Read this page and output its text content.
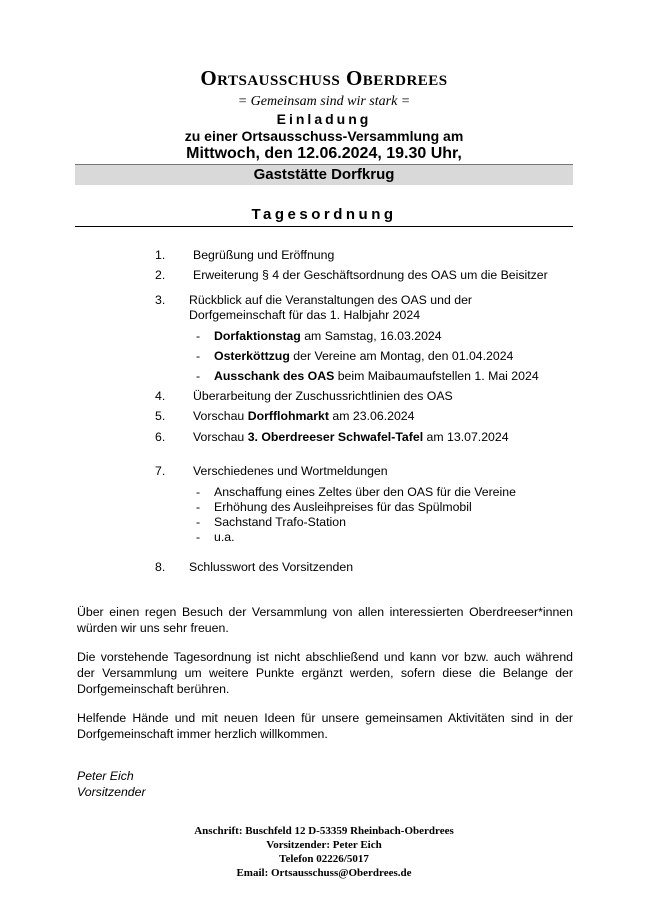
Ortsausschuss Oberdrees
= Gemeinsam sind wir stark =
Einladung
zu einer Ortsausschuss-Versammlung am
Mittwoch, den 12.06.2024, 19.30 Uhr,
Gaststätte Dorfkrug
Tagesordnung
1. Begrüßung und Eröffnung
2. Erweiterung § 4 der Geschäftsordnung des OAS um die Beisitzer
3. Rückblick auf die Veranstaltungen des OAS und der
Dorfgemeinschaft für das 1. Halbjahr 2024
- Dorfaktionstag am Samstag, 16.03.2024
- Osterköttzug der Vereine am Montag, den 01.04.2024
- Ausschank des OAS beim Maibaumaufstellen 1. Mai 2024
4. Überarbeitung der Zuschussrichtlinien des OAS
5. Vorschau Dorfflohmarkt am 23.06.2024
6. Vorschau 3. Oberdreeser Schwafel-Tafel am 13.07.2024
7. Verschiedenes und Wortmeldungen
- Anschaffung eines Zeltes über den OAS für die Vereine
- Erhöhung des Ausleihpreises für das Spülmobil
- Sachstand Trafo-Station
- u.a.
8. Schlusswort des Vorsitzenden
Über einen regen Besuch der Versammlung von allen interessierten Oberdreeser*innen würden wir uns sehr freuen.
Die vorstehende Tagesordnung ist nicht abschließend und kann vor bzw. auch während der Versammlung um weitere Punkte ergänzt werden, sofern diese die Belange der Dorfgemeinschaft berühren.
Helfende Hände und mit neuen Ideen für unsere gemeinsamen Aktivitäten sind in der Dorfgemeinschaft immer herzlich willkommen.
Peter Eich
Vorsitzender
Anschrift: Buschfeld 12 D-53359 Rheinbach-Oberdrees
Vorsitzender: Peter Eich
Telefon 02226/5017
Email: Ortsausschuss@Oberdrees.de
